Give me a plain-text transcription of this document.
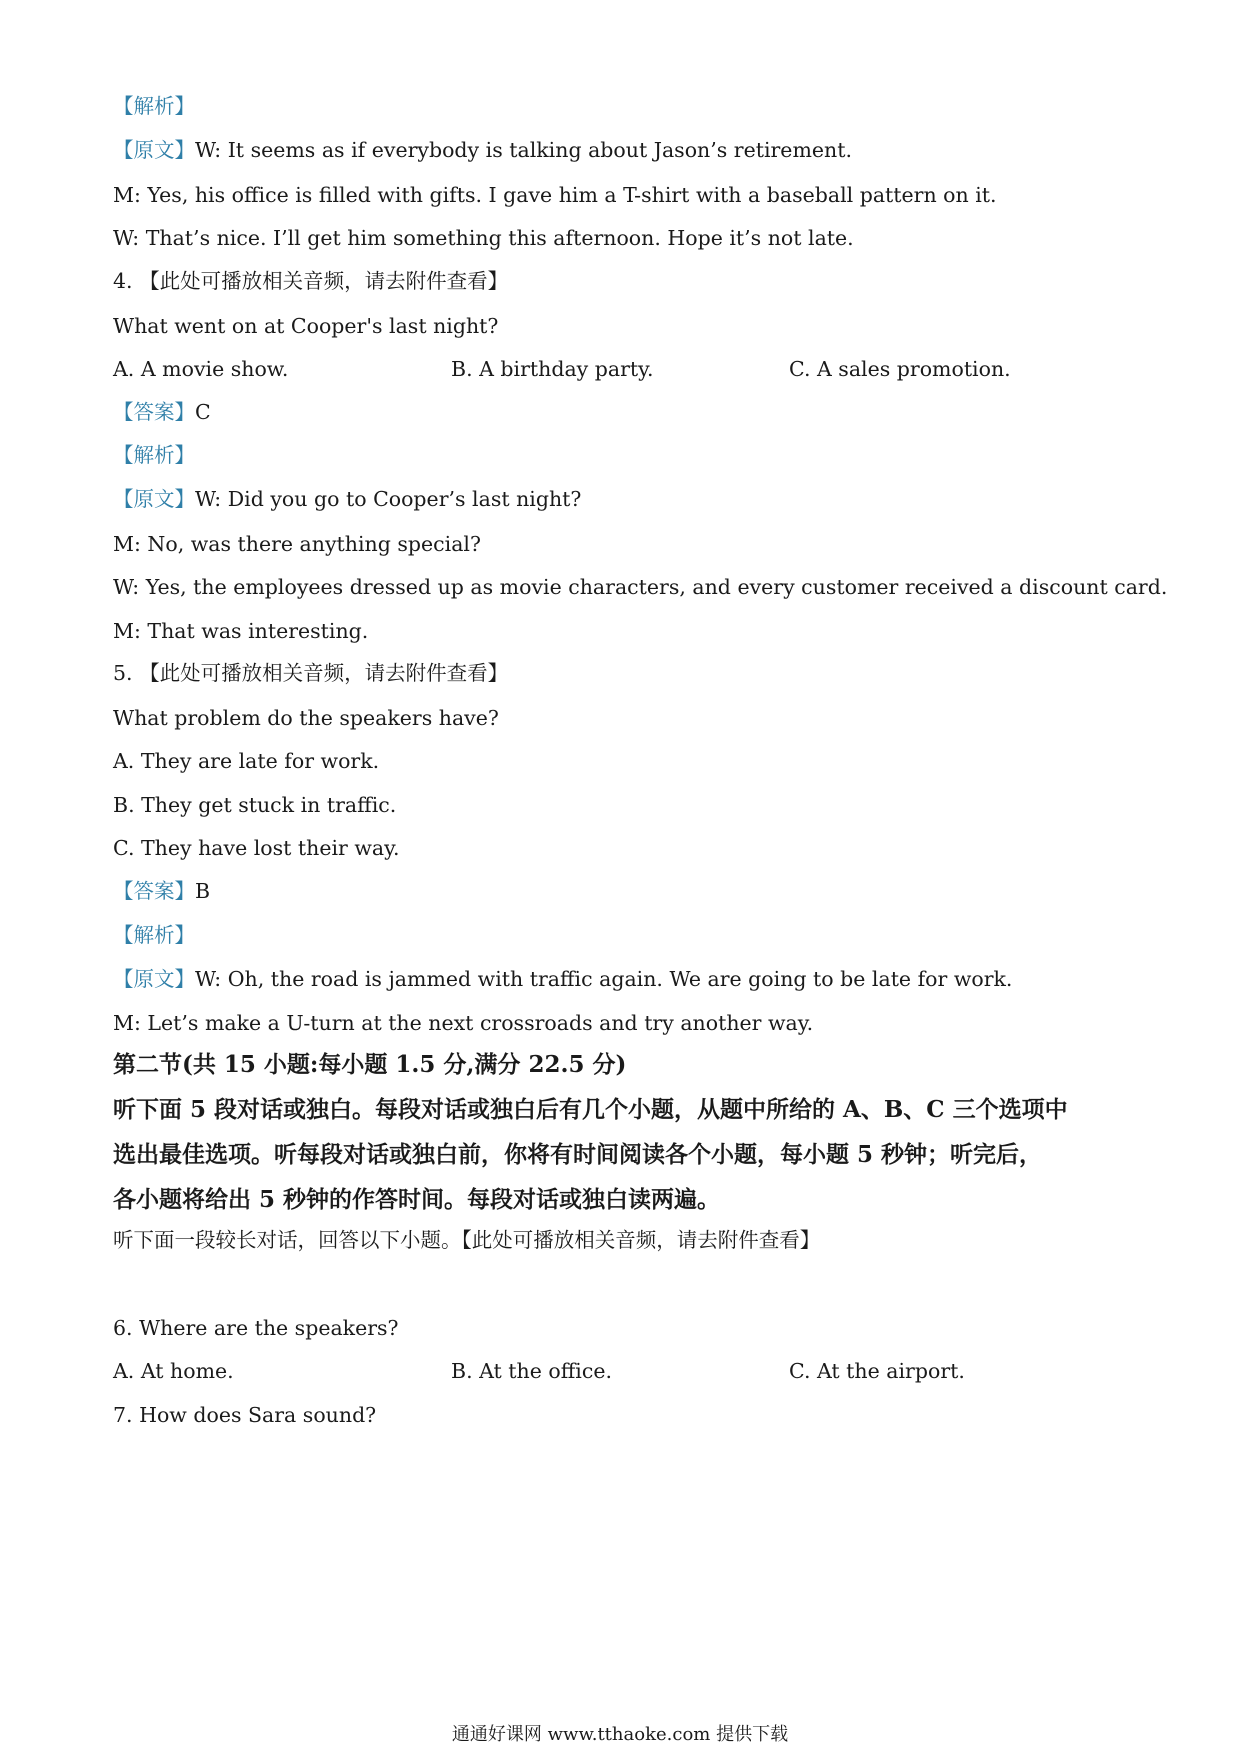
【解析】
【原文】W: It seems as if everybody is talking about Jason’s retirement.
M: Yes, his office is filled with gifts. I gave him a T-shirt with a baseball pattern on it.
W: That’s nice. I’ll get him something this afternoon. Hope it’s not late.
4. 【此处可播放相关音频，请去附件查看】
What went on at Cooper's last night?
A. A movie show.	B. A birthday party.	C. A sales promotion.
【答案】C
【解析】
【原文】W: Did you go to Cooper’s last night?
M: No, was there anything special?
W: Yes, the employees dressed up as movie characters, and every customer received a discount card.
M: That was interesting.
5. 【此处可播放相关音频，请去附件查看】
What problem do the speakers have?
A. They are late for work.
B. They get stuck in traffic.
C. They have lost their way.
【答案】B
【解析】
【原文】W: Oh, the road is jammed with traffic again. We are going to be late for work.
M: Let’s make a U-turn at the next crossroads and try another way.
第二节(共 15 小题:每小题 1.5 分,满分 22.5 分)
听下面 5 段对话或独白。每段对话或独白后有几个小题，从题中所给的 A、B、C 三个选项中
选出最佳选项。听每段对话或独白前，你将有时间阅读各个小题，每小题 5 秒钟；听完后，
各小题将给出 5 秒钟的作答时间。每段对话或独白读两遍。
听下面一段较长对话，回答以下小题。【此处可播放相关音频，请去附件查看】
6. Where are the speakers?
A. At home.	B. At the office.	C. At the airport.
7. How does Sara sound?
通通好课网 www.tthaoke.com 提供下载
